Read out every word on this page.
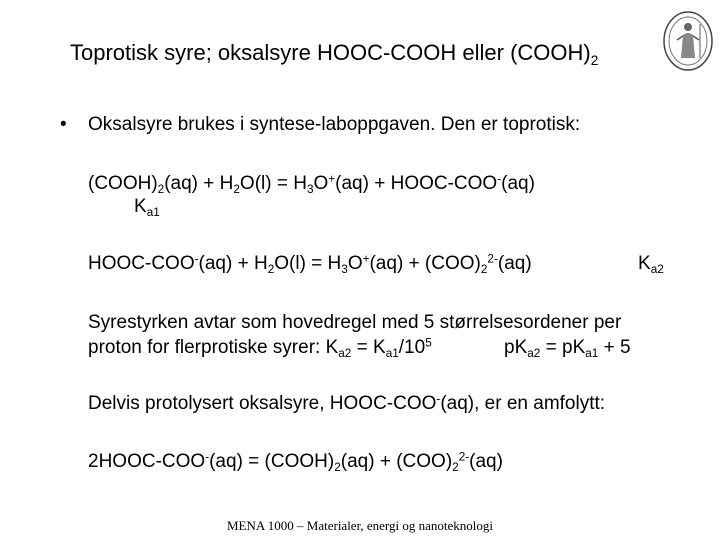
Toprotisk syre; oksalsyre HOOC-COOH eller $(COOH)_2$
• Oksalsyre brukes i syntese-laboppgaven. Den er toprotisk:
$(COOH)_2(aq) + H_2O(l) = H_3O^+(aq)$ + HOOC-COO-(aq)
$K_{a1}$
HOOC-COO-(aq) + $H_2O(l) = H_3O^+(aq) + (COO)_2^{2-}(aq)$	$K_{a2}$
Syrestyrken avtar som hovedregel med 5 størrelsesordener per
proton for flerprotiske syrer: $K_{a2} = K_{a1}/10^5$	$pK_{a2} = pK_{a1} + 5$
Delvis protolysert oksalsyre, HOOC-COO-(aq), er en amfolytt:
2HOOC-COO-(aq) = $(COOH)_2(aq) + (COO)_2^{2-}(aq)$
MENA 1000 – Materialer, energi og nanoteknologi
